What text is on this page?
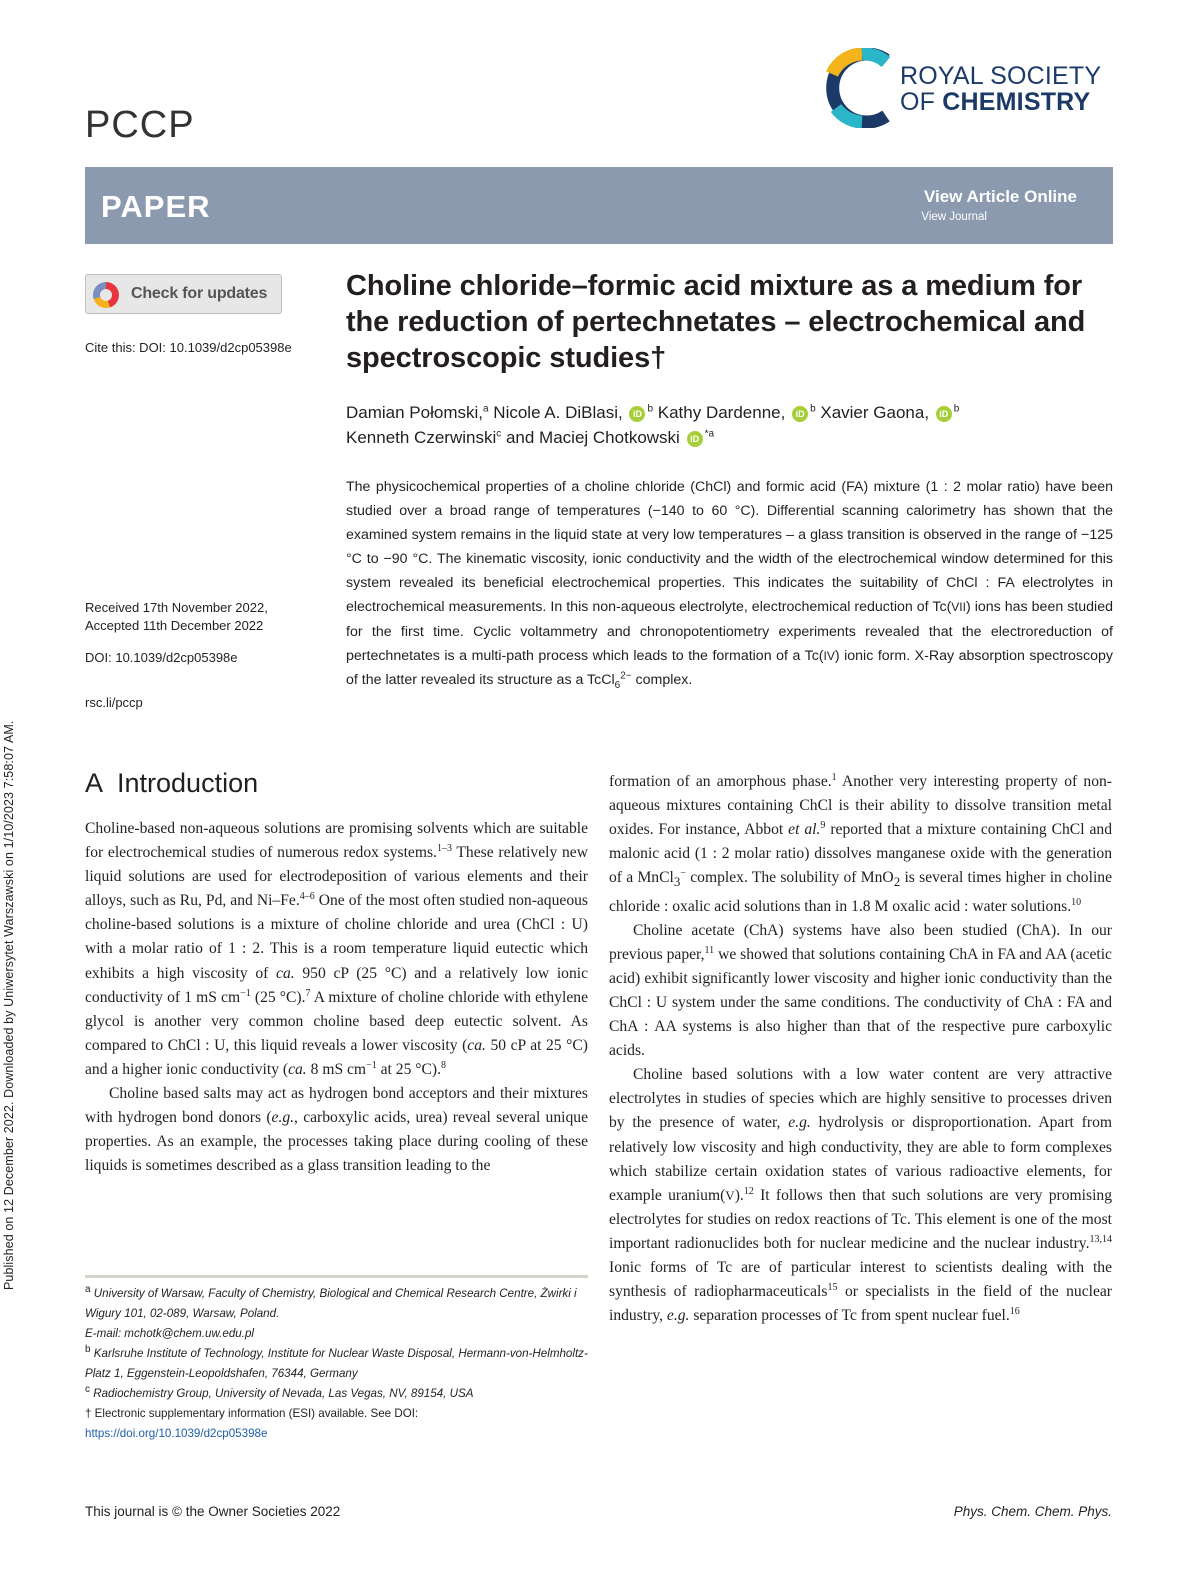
Published on 12 December 2022. Downloaded by Uniwersytet Warszawski on 1/10/2023 7:58:07 AM.
PCCP
ROYAL SOCIETY
OF CHEMISTRY
PAPER	View Article Online
View Journal
Check for updates
Cite this: DOI: 10.1039/d2cp05398e
Received 17th November 2022,
Accepted 11th December 2022
DOI: 10.1039/d2cp05398e
rsc.li/pccp
Choline chloride–formic acid mixture as a medium for the reduction of pertechnetates – electrochemical and spectroscopic studies†
Damian Połomski,$^a$ Nicole A. DiBlasi, iD $^b$ Kathy Dardenne, iD $^b$ Xavier Gaona, iD $^b$
Kenneth Czerwinski$^c$ and Maciej Chotkowski iD $^{*a}$
The physicochemical properties of a choline chloride (ChCl) and formic acid (FA) mixture (1 : 2 molar ratio) have been studied over a broad range of temperatures (−140 to 60 °C). Differential scanning calorimetry has shown that the examined system remains in the liquid state at very low temperatures – a glass transition is observed in the range of −125 °C to −90 °C. The kinematic viscosity, ionic conductivity and the width of the electrochemical window determined for this system revealed its beneficial electrochemical properties. This indicates the suitability of ChCl : FA electrolytes in electrochemical measurements. In this non-aqueous electrolyte, electrochemical reduction of Tc(VII) ions has been studied for the first time. Cyclic voltammetry and chronopotentiometry experiments revealed that the electroreduction of pertechnetates is a multi-path process which leads to the formation of a Tc(IV) ionic form. X-Ray absorption spectroscopy of the latter revealed its structure as a TcCl$_6^{2-}$ complex.
A Introduction

Choline-based non-aqueous solutions are promising solvents which are suitable for electrochemical studies of numerous redox systems.$^{1-3}$ These relatively new liquid solutions are used for electrodeposition of various elements and their alloys, such as Ru, Pd, and Ni–Fe.$^{4-6}$ One of the most often studied non-aqueous choline-based solutions is a mixture of choline chloride and urea (ChCl : U) with a molar ratio of 1 : 2. This is a room temperature liquid eutectic which exhibits a high viscosity of ca. 950 cP (25 °C) and a relatively low ionic conductivity of 1 mS $cm^{-1}$ (25 °C).$^7$ A mixture of choline chloride with ethylene glycol is another very common choline based deep eutectic solvent. As compared to ChCl : U, this liquid reveals a lower viscosity (ca. 50 cP at 25 °C) and a higher ionic conductivity (ca. 8 mS $cm^{-1}$ at 25 °C).$^8$

Choline based salts may act as hydrogen bond acceptors and their mixtures with hydrogen bond donors (e.g., carboxylic acids, urea) reveal several unique properties. As an example, the processes taking place during cooling of these liquids is sometimes described as a glass transition leading to the

formation of an amorphous phase.$^1$ Another very interesting property of non-aqueous mixtures containing ChCl is their ability to dissolve transition metal oxides. For instance, Abbot et al.$^9$ reported that a mixture containing ChCl and malonic acid (1 : 2 molar ratio) dissolves manganese oxide with the generation of a MnCl$_3$− complex. The solubility of MnO$_2$ is several times higher in choline chloride : oxalic acid solutions than in 1.8 M oxalic acid : water solutions.$^{10}$

Choline acetate (ChA) systems have also been studied (ChA). In our previous paper,$^{11}$ we showed that solutions containing ChA in FA and AA (acetic acid) exhibit significantly lower viscosity and higher ionic conductivity than the ChCl : U system under the same conditions. The conductivity of ChA : FA and ChA : AA systems is also higher than that of the respective pure carboxylic acids.

Choline based solutions with a low water content are very attractive electrolytes in studies of species which are highly sensitive to processes driven by the presence of water, e.g. hydrolysis or disproportionation. Apart from relatively low viscosity and high conductivity, they are able to form complexes which stabilize certain oxidation states of various radioactive elements, for example uranium(V).$^{12}$ It follows then that such solutions are very promising electrolytes for studies on redox reactions of Tc. This element is one of the most important radionuclides both for nuclear medicine and the nuclear industry.$^{13,14}$ Ionic forms of Tc are of particular interest to scientists dealing with the synthesis of radiopharmaceuticals$^{15}$ or specialists in the field of the nuclear industry, e.g. separation processes of Tc from spent nuclear fuel.$^{16}$

$^a$ University of Warsaw, Faculty of Chemistry, Biological and Chemical Research Centre, Żwirki i Wigury 101, 02-089, Warsaw, Poland.
E-mail: mchotk@chem.uw.edu.pl
$^b$ Karlsruhe Institute of Technology, Institute for Nuclear Waste Disposal, Hermann-von-Helmholtz-Platz 1, Eggenstein-Leopoldshafen, 76344, Germany
$^c$ Radiochemistry Group, University of Nevada, Las Vegas, NV, 89154, USA
† Electronic supplementary information (ESI) available. See DOI: https://doi.org/10.1039/d2cp05398e
This journal is © the Owner Societies 2022	Phys. Chem. Chem. Phys.
